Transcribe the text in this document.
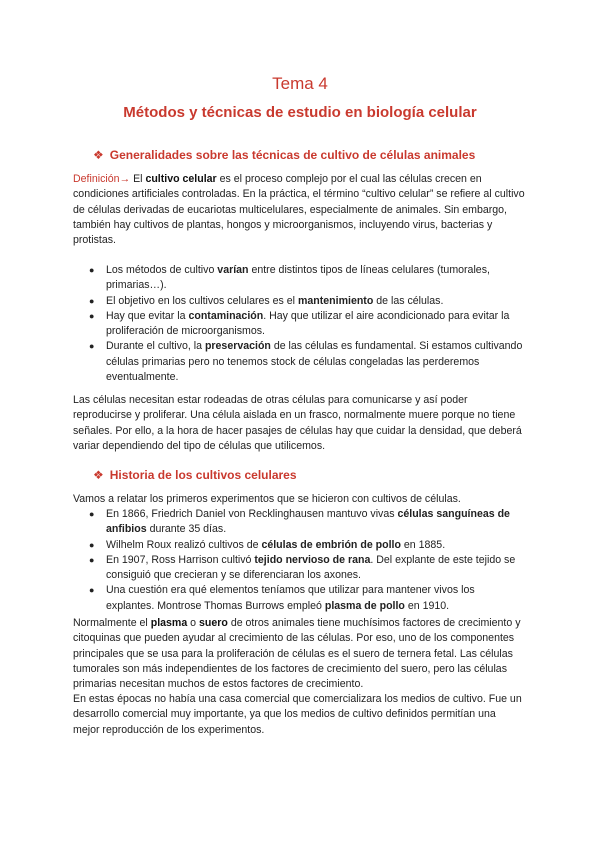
Tema 4
Métodos y técnicas de estudio en biología celular
❖ Generalidades sobre las técnicas de cultivo de células animales
Definición→ El cultivo celular es el proceso complejo por el cual las células crecen en condiciones artificiales controladas. En la práctica, el término “cultivo celular” se refiere al cultivo de células derivadas de eucariotas multicelulares, especialmente de animales. Sin embargo, también hay cultivos de plantas, hongos y microorganismos, incluyendo virus, bacterias y protistas.
● Los métodos de cultivo varían entre distintos tipos de líneas celulares (tumorales, primarias…).
● El objetivo en los cultivos celulares es el mantenimiento de las células.
● Hay que evitar la contaminación. Hay que utilizar el aire acondicionado para evitar la proliferación de microorganismos.
● Durante el cultivo, la preservación de las células es fundamental. Si estamos cultivando células primarias pero no tenemos stock de células congeladas las perderemos eventualmente.
Las células necesitan estar rodeadas de otras células para comunicarse y así poder reproducirse y proliferar. Una célula aislada en un frasco, normalmente muere porque no tiene señales. Por ello, a la hora de hacer pasajes de células hay que cuidar la densidad, que deberá variar dependiendo del tipo de células que utilicemos.
❖ Historia de los cultivos celulares
Vamos a relatar los primeros experimentos que se hicieron con cultivos de células.
● En 1866, Friedrich Daniel von Recklinghausen mantuvo vivas células sanguíneas de anfibios durante 35 días.
● Wilhelm Roux realizó cultivos de células de embrión de pollo en 1885.
● En 1907, Ross Harrison cultivó tejido nervioso de rana. Del explante de este tejido se consiguió que crecieran y se diferenciaran los axones.
● Una cuestión era qué elementos teníamos que utilizar para mantener vivos los explantes. Montrose Thomas Burrows empleó plasma de pollo en 1910.
Normalmente el plasma o suero de otros animales tiene muchísimos factores de crecimiento y citoquinas que pueden ayudar al crecimiento de las células. Por eso, uno de los componentes principales que se usa para la proliferación de células es el suero de ternera fetal. Las células tumorales son más independientes de los factores de crecimiento del suero, pero las células primarias necesitan muchos de estos factores de crecimiento.
En estas épocas no había una casa comercial que comercializara los medios de cultivo. Fue un desarrollo comercial muy importante, ya que los medios de cultivo definidos permitían una mejor reproducción de los experimentos.
